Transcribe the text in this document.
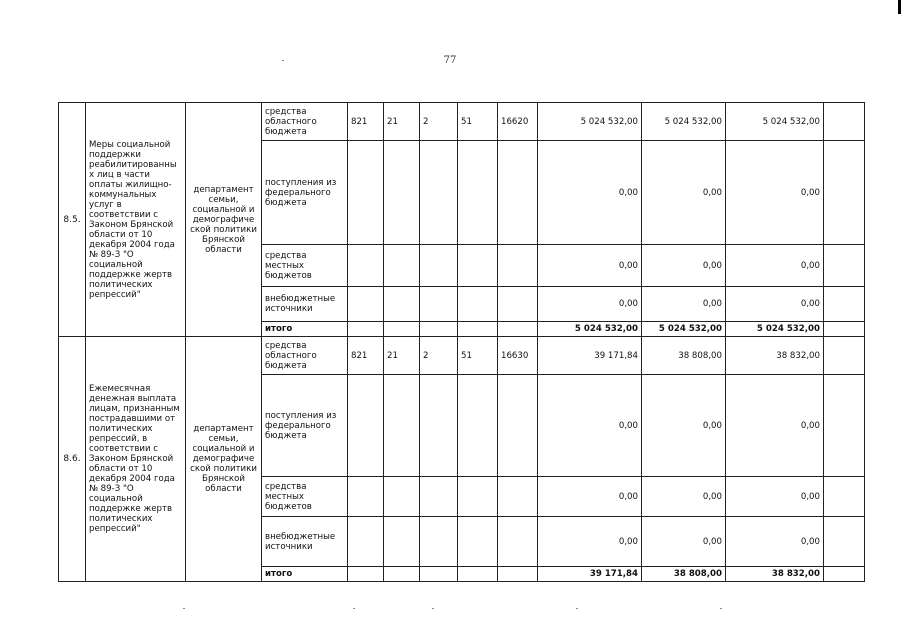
77
8.5.	Меры социальной поддержки реабилитированны х лиц в части оплаты жилищно- коммунальных услуг в соответствии с Законом Брянской области от 10 декабря 2004 года № 89-З "О социальной поддержке жертв политических репрессий"	департамент семьи, социальной и демографиче ской политики Брянской области	средства областного бюджета	821	21	2	51	16620	5 024 532,00	5 024 532,00	5 024 532,00	
			поступления из федерального бюджета						0,00	0,00	0,00	
			средства местных бюджетов						0,00	0,00	0,00	
			внебюджетные источники						0,00	0,00	0,00	
			итого						5 024 532,00	5 024 532,00	5 024 532,00	
8.6.	Ежемесячная денежная выплата лицам, признанным пострадавшими от политических репрессий, в соответствии с Законом Брянской области от 10 декабря 2004 года № 89-З "О социальной поддержке жертв политических репрессий"	департамент семьи, социальной и демографиче ской политики Брянской области	средства областного бюджета	821	21	2	51	16630	39 171,84	38 808,00	38 832,00	
			поступления из федерального бюджета						0,00	0,00	0,00	
			средства местных бюджетов						0,00	0,00	0,00	
			внебюджетные источники						0,00	0,00	0,00	
			итого						39 171,84	38 808,00	38 832,00	
